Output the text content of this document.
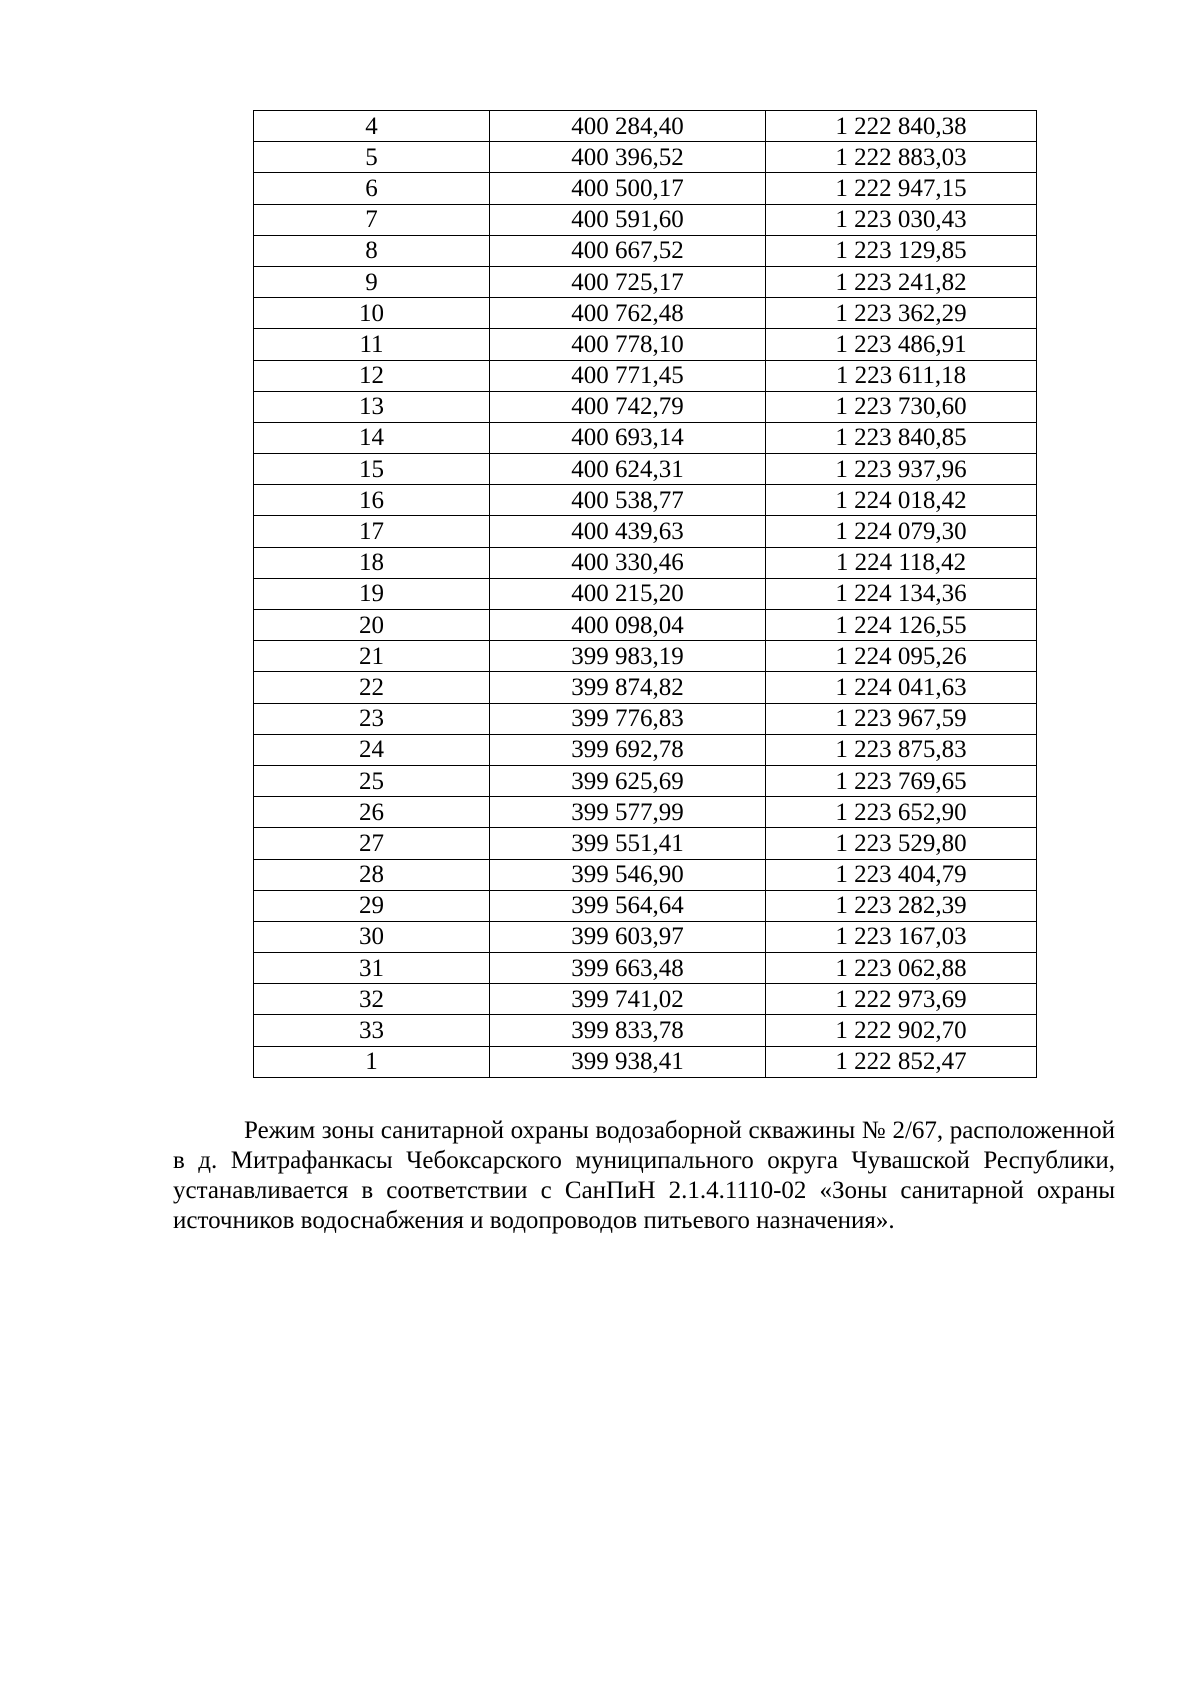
4	400 284,40	1 222 840,38
5	400 396,52	1 222 883,03
6	400 500,17	1 222 947,15
7	400 591,60	1 223 030,43
8	400 667,52	1 223 129,85
9	400 725,17	1 223 241,82
10	400 762,48	1 223 362,29
11	400 778,10	1 223 486,91
12	400 771,45	1 223 611,18
13	400 742,79	1 223 730,60
14	400 693,14	1 223 840,85
15	400 624,31	1 223 937,96
16	400 538,77	1 224 018,42
17	400 439,63	1 224 079,30
18	400 330,46	1 224 118,42
19	400 215,20	1 224 134,36
20	400 098,04	1 224 126,55
21	399 983,19	1 224 095,26
22	399 874,82	1 224 041,63
23	399 776,83	1 223 967,59
24	399 692,78	1 223 875,83
25	399 625,69	1 223 769,65
26	399 577,99	1 223 652,90
27	399 551,41	1 223 529,80
28	399 546,90	1 223 404,79
29	399 564,64	1 223 282,39
30	399 603,97	1 223 167,03
31	399 663,48	1 223 062,88
32	399 741,02	1 222 973,69
33	399 833,78	1 222 902,70
1	399 938,41	1 222 852,47

Режим зоны санитарной охраны водозаборной скважины № 2/67, расположенной в д. Митрафанкасы Чебоксарского муниципального округа Чувашской Республики, устанавливается в соответствии с СанПиН 2.1.4.1110-02 «Зоны санитарной охраны источников водоснабжения и водопроводов питьевого назначения».
